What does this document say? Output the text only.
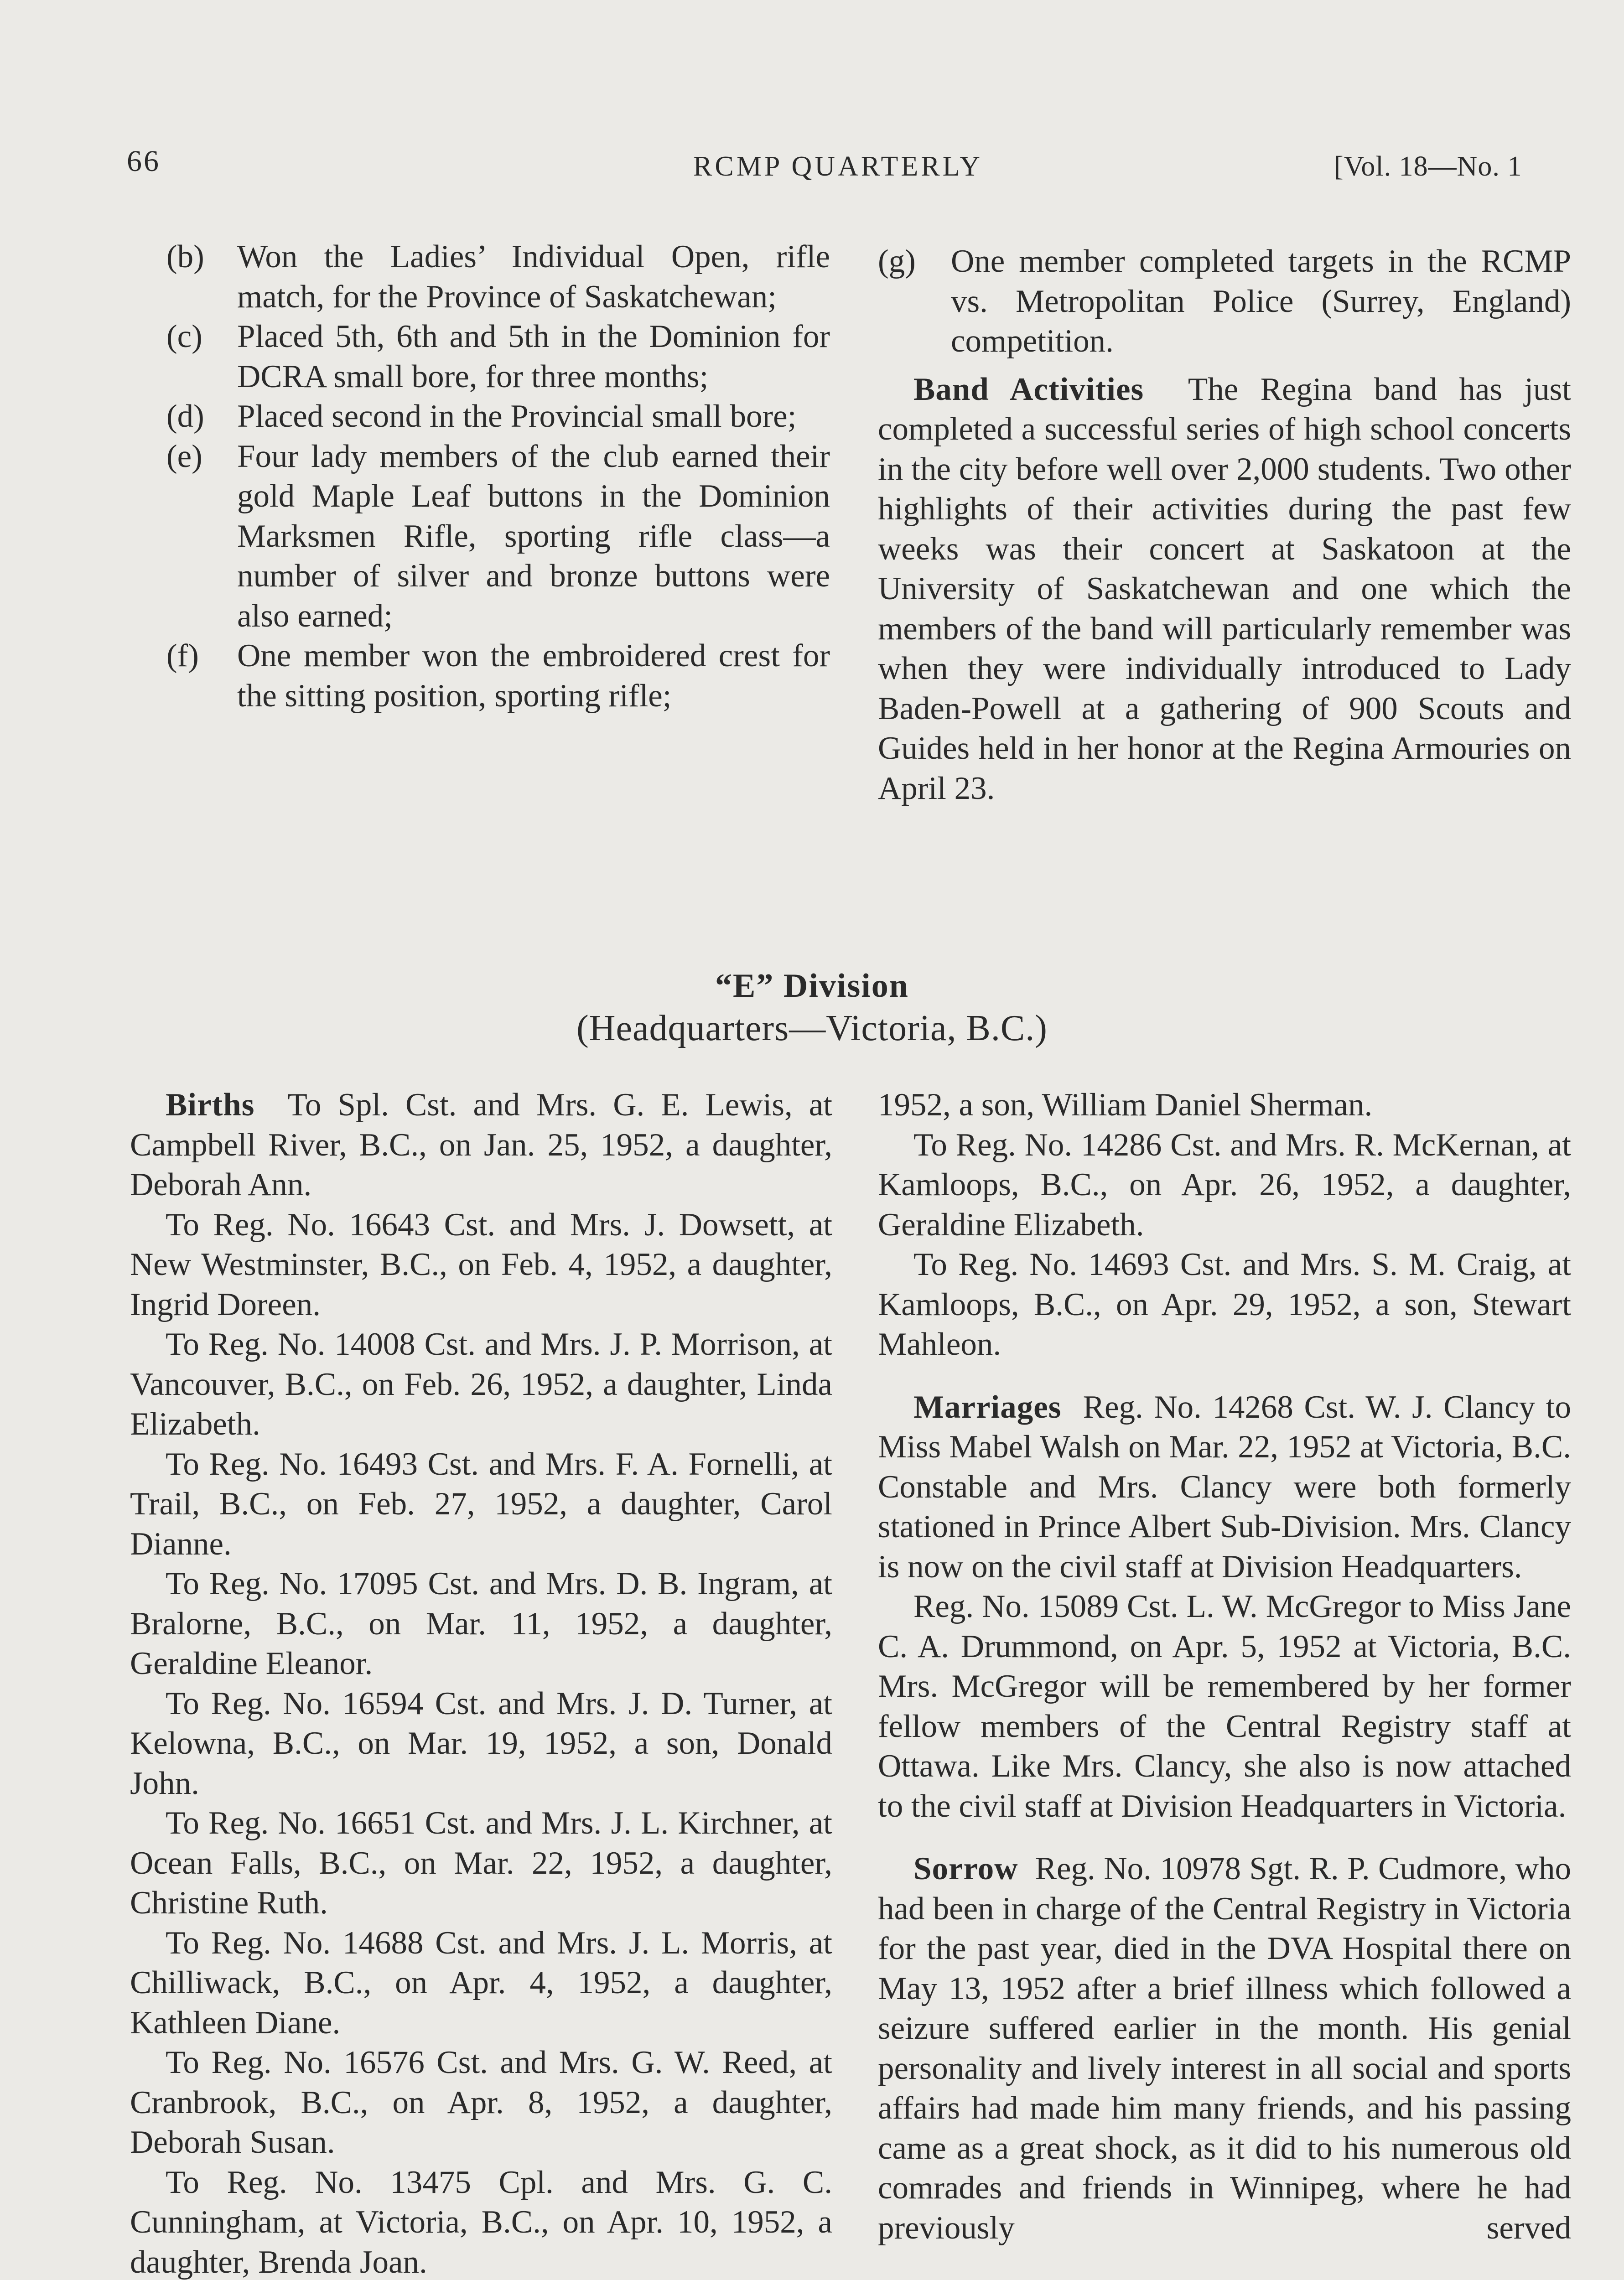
66	RCMP QUARTERLY	[Vol. 18—No. 1
(b) Won the Ladies’ Individual Open, rifle match, for the Province of Saskatchewan;
(c) Placed 5th, 6th and 5th in the Dominion for DCRA small bore, for three months;
(d) Placed second in the Provincial small bore;
(e) Four lady members of the club earned their gold Maple Leaf buttons in the Dominion Marksmen Rifle, sporting rifle class—a number of silver and bronze buttons were also earned;
(f) One member won the embroidered crest for the sitting position, sporting rifle;
(g) One member completed targets in the RCMP vs. Metropolitan Police (Surrey, England) competition.

Band Activities The Regina band has just completed a successful series of high school concerts in the city before well over 2,000 students. Two other highlights of their activities during the past few weeks was their concert at Saskatoon at the University of Saskatchewan and one which the members of the band will particularly remember was when they were individually introduced to Lady Baden-Powell at a gathering of 900 Scouts and Guides held in her honor at the Regina Armouries on April 23.

“E” Division
(Headquarters—Victoria, B.C.)

Births To Spl. Cst. and Mrs. G. E. Lewis, at Campbell River, B.C., on Jan. 25, 1952, a daughter, Deborah Ann.

To Reg. No. 16643 Cst. and Mrs. J. Dowsett, at New Westminster, B.C., on Feb. 4, 1952, a daughter, Ingrid Doreen.

To Reg. No. 14008 Cst. and Mrs. J. P. Morrison, at Vancouver, B.C., on Feb. 26, 1952, a daughter, Linda Elizabeth.

To Reg. No. 16493 Cst. and Mrs. F. A. Fornelli, at Trail, B.C., on Feb. 27, 1952, a daughter, Carol Dianne.

To Reg. No. 17095 Cst. and Mrs. D. B. Ingram, at Bralorne, B.C., on Mar. 11, 1952, a daughter, Geraldine Eleanor.

To Reg. No. 16594 Cst. and Mrs. J. D. Turner, at Kelowna, B.C., on Mar. 19, 1952, a son, Donald John.

To Reg. No. 16651 Cst. and Mrs. J. L. Kirchner, at Ocean Falls, B.C., on Mar. 22, 1952, a daughter, Christine Ruth.

To Reg. No. 14688 Cst. and Mrs. J. L. Morris, at Chilliwack, B.C., on Apr. 4, 1952, a daughter, Kathleen Diane.

To Reg. No. 16576 Cst. and Mrs. G. W. Reed, at Cranbrook, B.C., on Apr. 8, 1952, a daughter, Deborah Susan.

To Reg. No. 13475 Cpl. and Mrs. G. C. Cunningham, at Victoria, B.C., on Apr. 10, 1952, a daughter, Brenda Joan.

1952, a son, William Daniel Sherman.

To Reg. No. 14286 Cst. and Mrs. R. McKernan, at Kamloops, B.C., on Apr. 26, 1952, a daughter, Geraldine Elizabeth.

To Reg. No. 14693 Cst. and Mrs. S. M. Craig, at Kamloops, B.C., on Apr. 29, 1952, a son, Stewart Mahleon.

Marriages Reg. No. 14268 Cst. W. J. Clancy to Miss Mabel Walsh on Mar. 22, 1952 at Victoria, B.C. Constable and Mrs. Clancy were both formerly stationed in Prince Albert Sub-Division. Mrs. Clancy is now on the civil staff at Division Headquarters.

Reg. No. 15089 Cst. L. W. McGregor to Miss Jane C. A. Drummond, on Apr. 5, 1952 at Victoria, B.C. Mrs. McGregor will be remembered by her former fellow members of the Central Registry staff at Ottawa. Like Mrs. Clancy, she also is now attached to the civil staff at Division Headquarters in Victoria.

Sorrow Reg. No. 10978 Sgt. R. P. Cudmore, who had been in charge of the Central Registry in Victoria for the past year, died in the DVA Hospital there on May 13, 1952 after a brief illness which followed a seizure suffered earlier in the month. His genial personality and lively interest in all social and sports affairs had made him many friends, and his passing came as a great shock, as it did to his numerous old comrades and friends in Winnipeg, where he had previously served
